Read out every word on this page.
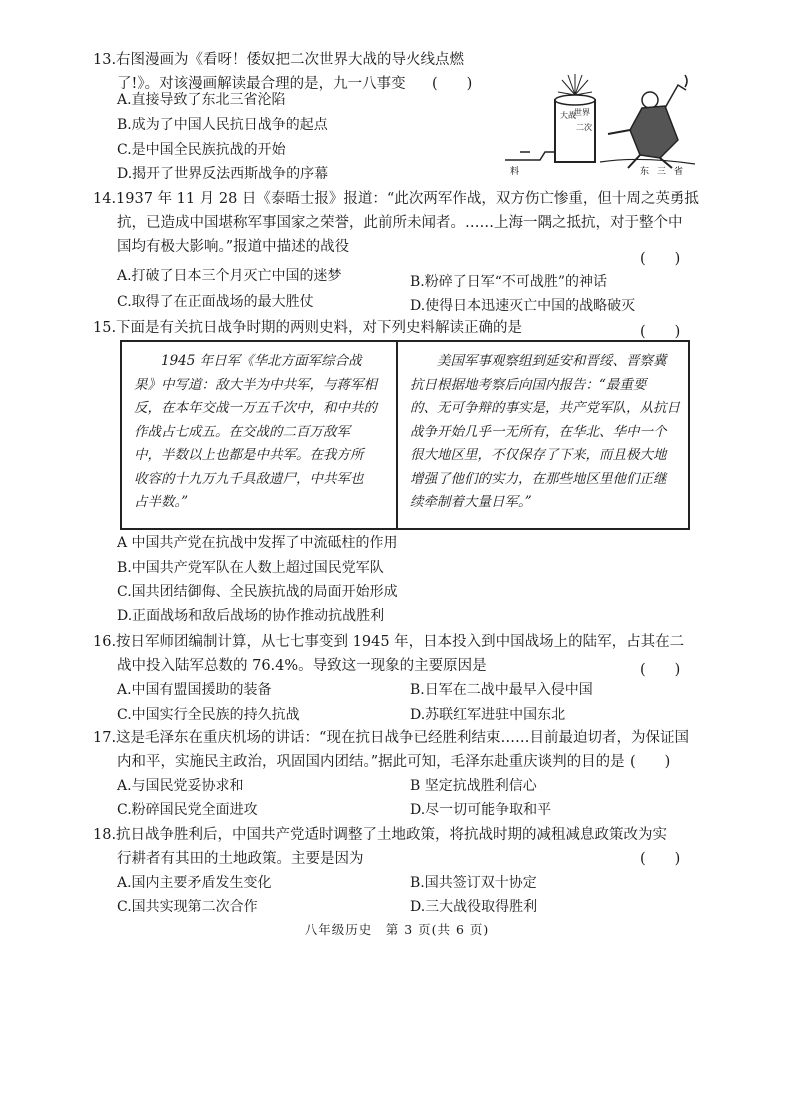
13.右图漫画为《看呀！倭奴把二次世界大战的导火线点燃
了!》。对该漫画解读最合理的是，九一八事变 (　　)
A.直接导致了东北三省沦陷
B.成为了中国人民抗日战争的起点
C.是中国全民族抗战的开始
D.揭开了世界反法西斯战争的序幕
大战
世界
二次
料	东三省
14.1937 年 11 月 28 日《泰晤士报》报道：“此次两军作战，双方伤亡惨重，但十周之英勇抵
抗，已造成中国堪称军事国家之荣誉，此前所未闻者。……上海一隅之抵抗，对于整个中
国均有极大影响。”报道中描述的战役
(　　)
A.打破了日本三个月灭亡中国的迷梦	B.粉碎了日军“不可战胜”的神话
C.取得了在正面战场的最大胜仗	D.使得日本迅速灭亡中国的战略破灭
15.下面是有关抗日战争时期的两则史料，对下列史料解读正确的是	(　　)
　　1945 年日军《华北方面军综合战
果》中写道：敌大半为中共军，与蒋军相
反，在本年交战一万五千次中，和中共的
作战占七成五。在交战的二百万敌军
中，半数以上也都是中共军。在我方所
收容的十九万九千具敌遗尸，中共军也
占半数。”
　　美国军事观察组到延安和晋绥、晋察冀
抗日根据地考察后向国内报告：“最重要
的、无可争辩的事实是，共产党军队，从抗日
战争开始几乎一无所有，在华北、华中一个
很大地区里，不仅保存了下来，而且极大地
增强了他们的实力，在那些地区里他们正继
续牵制着大量日军。”
A 中国共产党在抗战中发挥了中流砥柱的作用
B.中国共产党军队在人数上超过国民党军队
C.国共团结御侮、全民族抗战的局面开始形成
D.正面战场和敌后战场的协作推动抗战胜利
16.按日军师团编制计算，从七七事变到 1945 年，日本投入到中国战场上的陆军，占其在二
战中投入陆军总数的 76.4%。导致这一现象的主要原因是	(　　)
A.中国有盟国援助的装备	B.日军在二战中最早入侵中国
C.中国实行全民族的持久抗战	D.苏联红军进驻中国东北
17.这是毛泽东在重庆机场的讲话：“现在抗日战争已经胜利结束……目前最迫切者，为保证国
内和平，实施民主政治，巩固国内团结。”据此可知，毛泽东赴重庆谈判的目的是 (　　)
A.与国民党妥协求和	B 坚定抗战胜利信心
C.粉碎国民党全面进攻	D.尽一切可能争取和平
18.抗日战争胜利后，中国共产党适时调整了土地政策，将抗战时期的减租减息政策改为实
行耕者有其田的土地政策。主要是因为	(　　)
A.国内主要矛盾发生变化	B.国共签订双十协定
C.国共实现第二次合作	D.三大战役取得胜利
八年级历史　第 3 页(共 6 页)
